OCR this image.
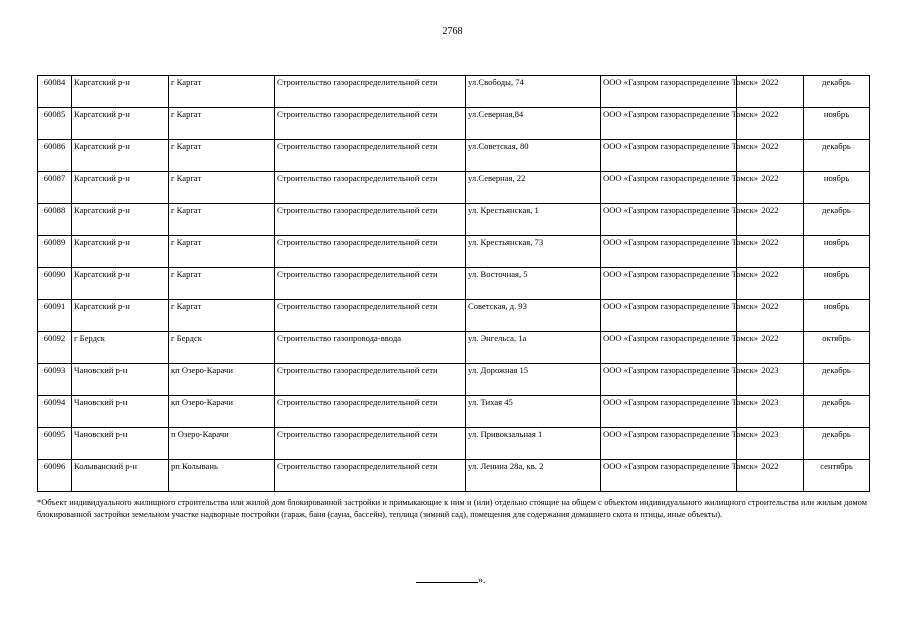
2768
60084	Каргатский р-н	г Каргат	Строительство газораспределительной сети	ул.Свободы, 74	ООО «Газпром газораспределение Томск»	2022	декабрь
60085	Каргатский р-н	г Каргат	Строительство газораспределительной сети	ул.Северная,84	ООО «Газпром газораспределение Томск»	2022	ноябрь
60086	Каргатский р-н	г Каргат	Строительство газораспределительной сети	ул.Советская, 80	ООО «Газпром газораспределение Томск»	2022	декабрь
60087	Каргатский р-н	г Каргат	Строительство газораспределительной сети	ул.Северная, 22	ООО «Газпром газораспределение Томск»	2022	ноябрь
60088	Каргатский р-н	г Каргат	Строительство газораспределительной сети	ул. Крестьянская, 1	ООО «Газпром газораспределение Томск»	2022	декабрь
60089	Каргатский р-н	г Каргат	Строительство газораспределительной сети	ул. Крестьянская, 73	ООО «Газпром газораспределение Томск»	2022	ноябрь
60090	Каргатский р-н	г Каргат	Строительство газораспределительной сети	ул. Восточная, 5	ООО «Газпром газораспределение Томск»	2022	ноябрь
60091	Каргатский р-н	г Каргат	Строительство газораспределительной сети	Советская, д. 93	ООО «Газпром газораспределение Томск»	2022	ноябрь
60092	г Бердск	г Бердск	Строительство газопровода-ввода	ул. Энгельса, 1а	ООО «Газпром газораспределение Томск»	2022	октябрь
60093	Чановский р-н	кп Озеро-Карачи	Строительство газораспределительной сети	ул. Дорожная 15	ООО «Газпром газораспределение Томск»	2023	декабрь
60094	Чановский р-н	кп Озеро-Карачи	Строительство газораспределительной сети	ул. Тихая 45	ООО «Газпром газораспределение Томск»	2023	декабрь
60095	Чановский р-н	п Озеро-Карачи	Строительство газораспределительной сети	ул. Привокзальная 1	ООО «Газпром газораспределение Томск»	2023	декабрь
60096	Колыванский р-н	рп Колывань	Строительство газораспределительной сети	ул. Ленина 28а, кв. 2	ООО «Газпром газораспределение Томск»	2022	сентябрь
*Объект индивидуального жилищного строительства или жилой дом блокированной застройки и примыкающие к ним и (или) отдельно стоящие на общем с объектом индивидуального жилищного строительства или жилым домом блокированной застройки земельном участке надворные постройки (гараж, баня (сауна, бассейн), теплица (зимний сад), помещения для содержания домашнего скота и птицы, иные объекты).
».
